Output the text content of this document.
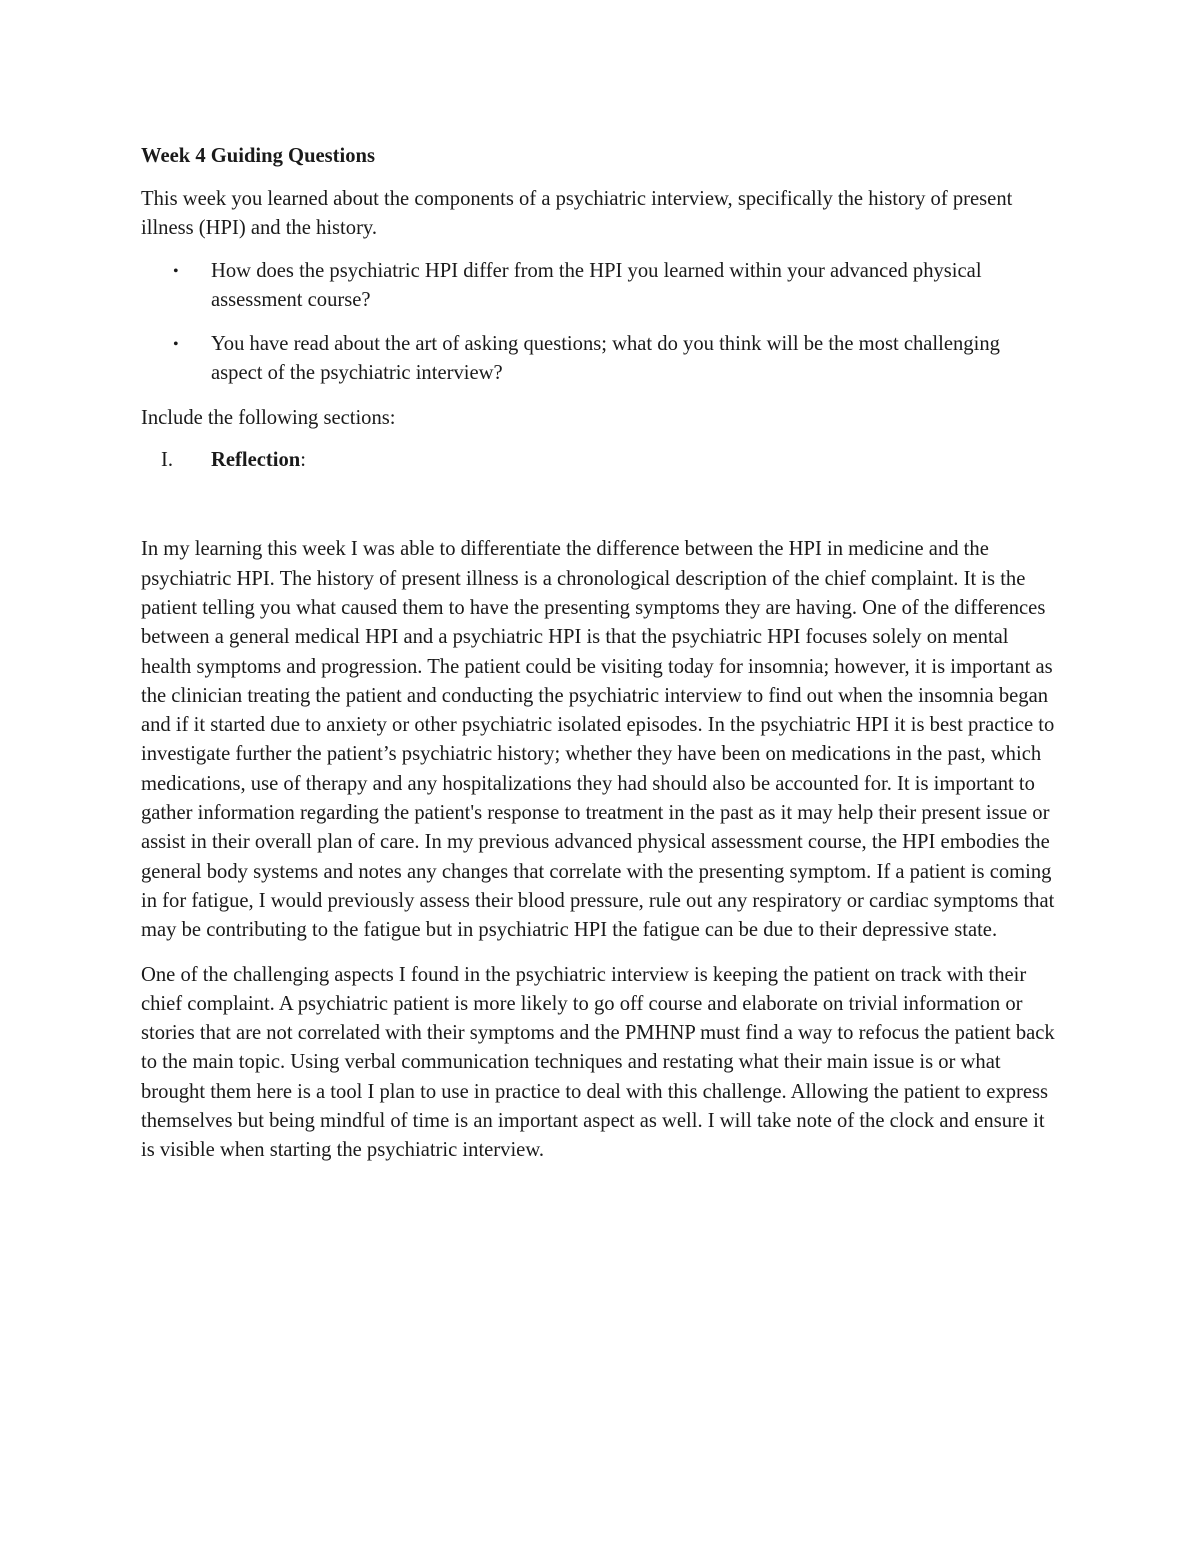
Week 4 Guiding Questions

This week you learned about the components of a psychiatric interview, specifically the history of present illness (HPI) and the history.

• How does the psychiatric HPI differ from the HPI you learned within your advanced physical assessment course?
• You have read about the art of asking questions; what do you think will be the most challenging aspect of the psychiatric interview?

Include the following sections:

I. Reflection:

In my learning this week I was able to differentiate the difference between the HPI in medicine and the psychiatric HPI. The history of present illness is a chronological description of the chief complaint. It is the patient telling you what caused them to have the presenting symptoms they are having. One of the differences between a general medical HPI and a psychiatric HPI is that the psychiatric HPI focuses solely on mental health symptoms and progression. The patient could be visiting today for insomnia; however, it is important as the clinician treating the patient and conducting the psychiatric interview to find out when the insomnia began and if it started due to anxiety or other psychiatric isolated episodes. In the psychiatric HPI it is best practice to investigate further the patient’s psychiatric history; whether they have been on medications in the past, which medications, use of therapy and any hospitalizations they had should also be accounted for. It is important to gather information regarding the patient's response to treatment in the past as it may help their present issue or assist in their overall plan of care. In my previous advanced physical assessment course, the HPI embodies the general body systems and notes any changes that correlate with the presenting symptom. If a patient is coming in for fatigue, I would previously assess their blood pressure, rule out any respiratory or cardiac symptoms that may be contributing to the fatigue but in psychiatric HPI the fatigue can be due to their depressive state.

One of the challenging aspects I found in the psychiatric interview is keeping the patient on track with their chief complaint. A psychiatric patient is more likely to go off course and elaborate on trivial information or stories that are not correlated with their symptoms and the PMHNP must find a way to refocus the patient back to the main topic. Using verbal communication techniques and restating what their main issue is or what brought them here is a tool I plan to use in practice to deal with this challenge. Allowing the patient to express themselves but being mindful of time is an important aspect as well. I will take note of the clock and ensure it is visible when starting the psychiatric interview.
